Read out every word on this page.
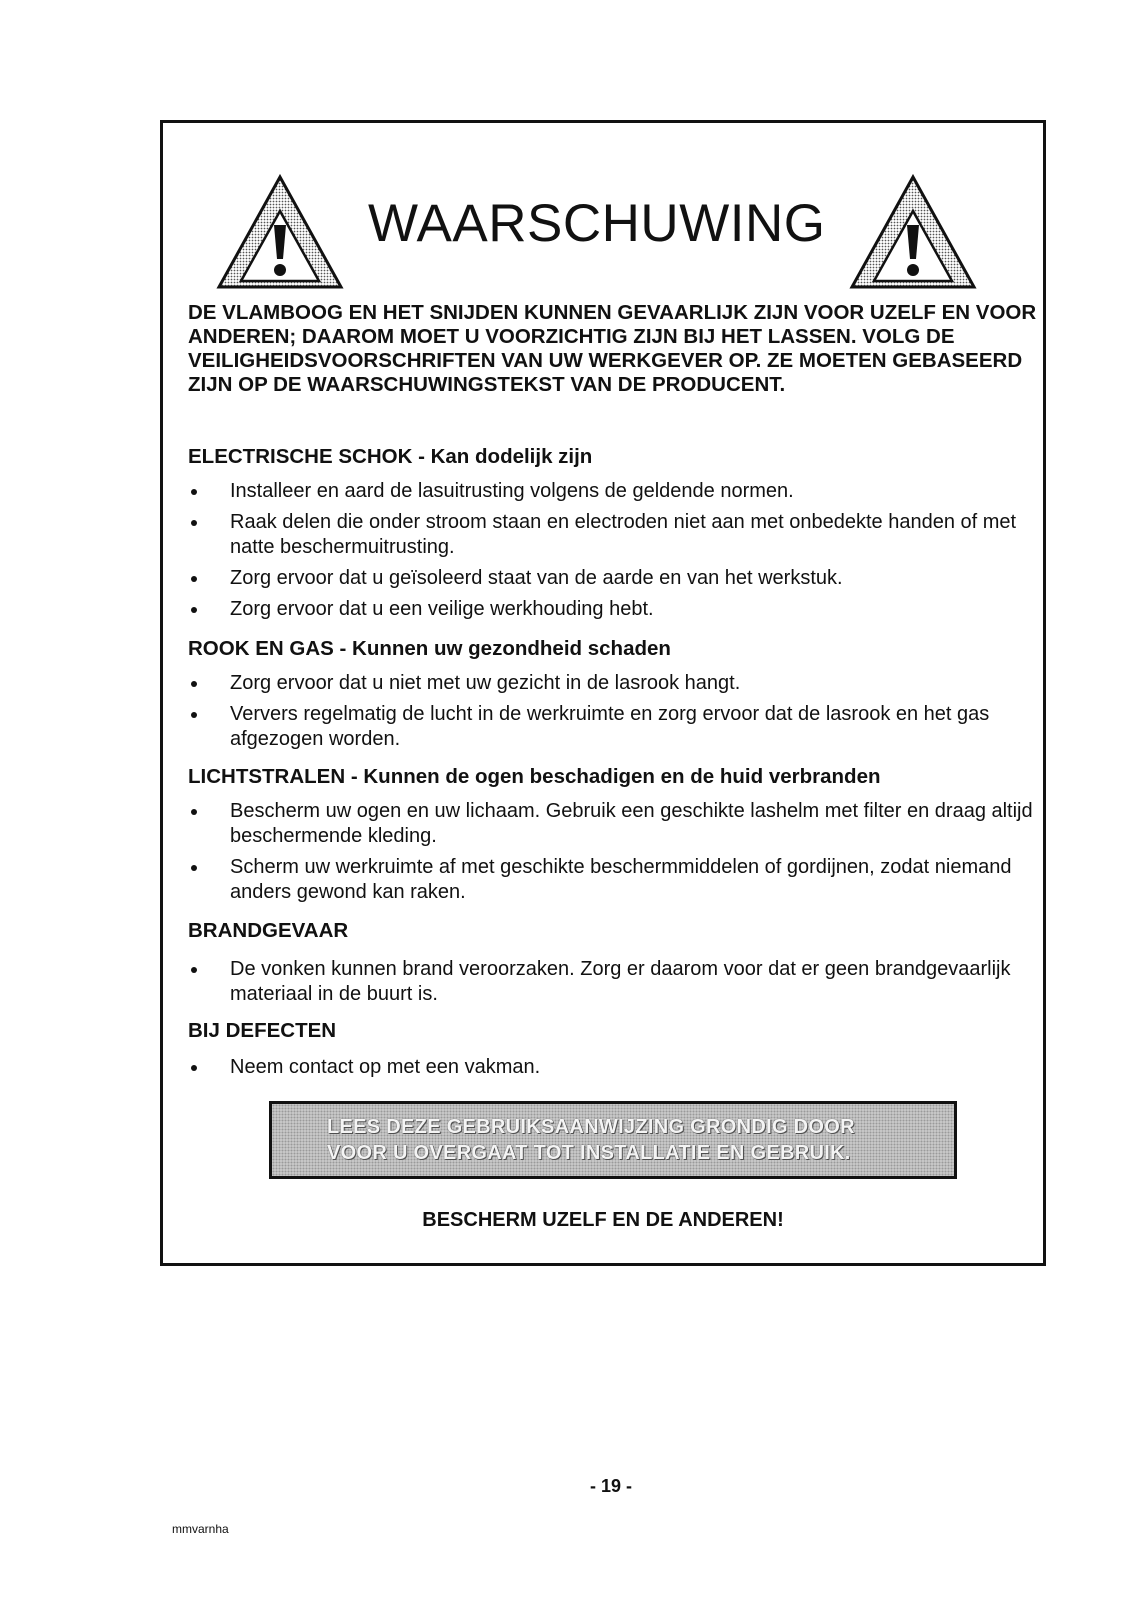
WAARSCHUWING

DE VLAMBOOG EN HET SNIJDEN KUNNEN GEVAARLIJK ZIJN VOOR UZELF EN VOOR ANDEREN; DAAROM MOET U VOORZICHTIG ZIJN BIJ HET LASSEN. VOLG DE VEILIGHEIDSVOORSCHRIFTEN VAN UW WERKGEVER OP. ZE MOETEN GEBASEERD ZIJN OP DE WAARSCHUWINGSTEKST VAN DE PRODUCENT.

ELECTRISCHE SCHOK - Kan dodelijk zijn
Installeer en aard de lasuitrusting volgens de geldende normen.
Raak delen die onder stroom staan en electroden niet aan met onbedekte handen of met natte beschermuitrusting.
Zorg ervoor dat u geïsoleerd staat van de aarde en van het werkstuk.
Zorg ervoor dat u een veilige werkhouding hebt.
ROOK EN GAS - Kunnen uw gezondheid schaden
Zorg ervoor dat u niet met uw gezicht in de lasrook hangt.
Ververs regelmatig de lucht in de werkruimte en zorg ervoor dat de lasrook en het gas afgezogen worden.
LICHTSTRALEN - Kunnen de ogen beschadigen en de huid verbranden
Bescherm uw ogen en uw lichaam. Gebruik een geschikte lashelm met filter en draag altijd beschermende kleding.
Scherm uw werkruimte af met geschikte beschermmiddelen of gordijnen, zodat niemand anders gewond kan raken.
BRANDGEVAAR
De vonken kunnen brand veroorzaken. Zorg er daarom voor dat er geen brandgevaarlijk materiaal in de buurt is.
BIJ DEFECTEN
Neem contact op met een vakman.
LEES DEZE GEBRUIKSAANWIJZING GRONDIG DOOR
VOOR U OVERGAAT TOT INSTALLATIE EN GEBRUIK.
BESCHERM UZELF EN DE ANDEREN!
- 19 -
mmvarnha
